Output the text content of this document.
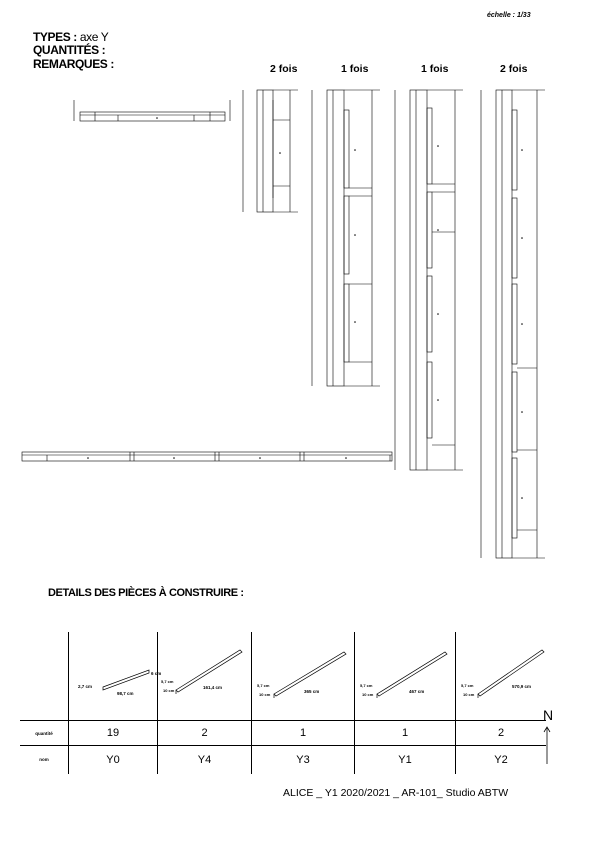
échelle : 1/33
TYPES : axe Y
QUANTITÉS :
REMARQUES :	2 fois	1 fois	1 fois	2 fois
DETAILS DES PIÈCES À CONSTRUIRE :

2,7 cm
6 cm
98,7 cm	5,7 cm
10 cm
161,4 cm	5,7 cm
10 cm
365 cm	5,7 cm
10 cm
467 cm	5,7 cm
10 cm
570,9 cm

quantité	19	2	1	1	2
nom	Y0	Y4	Y3	Y1	Y2
N
ALICE _ Y1 2020/2021 _ AR-101_ Studio ABTW
